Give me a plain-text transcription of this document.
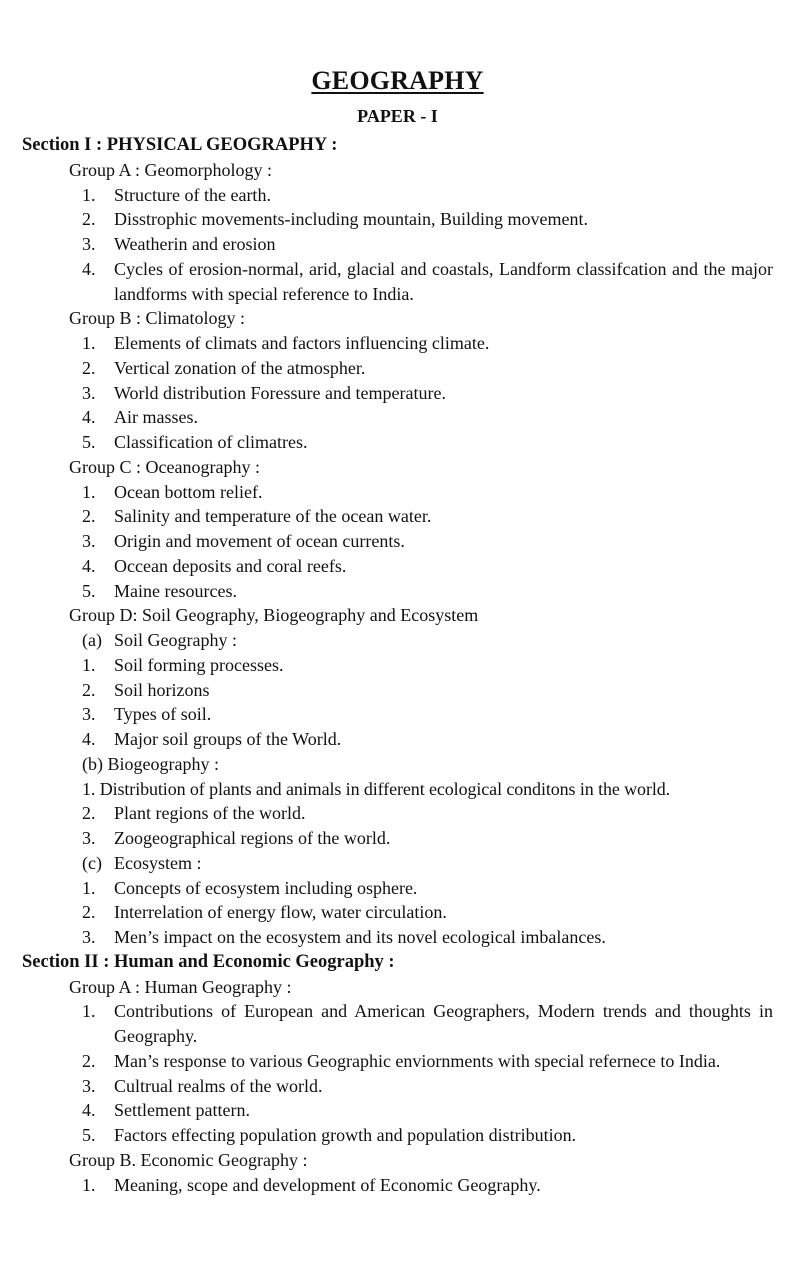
GEOGRAPHY
PAPER - I
Section I : PHYSICAL GEOGRAPHY :
Group A : Geomorphology :
1. Structure of the earth.
2. Disstrophic movements-including mountain, Building movement.
3. Weatherin and erosion
4. Cycles of erosion-normal, arid, glacial and coastals, Landform classifcation and the major landforms with special reference to India.
Group B : Climatology :
1. Elements of climats and factors influencing climate.
2. Vertical zonation of the atmospher.
3. World distribution Foressure and temperature.
4. Air masses.
5. Classification of climatres.
Group C : Oceanography :
1. Ocean bottom relief.
2. Salinity and temperature of the ocean water.
3. Origin and movement of ocean currents.
4. Occean deposits and coral reefs.
5. Maine resources.
Group D: Soil Geography, Biogeography and Ecosystem
(a) Soil Geography :
1. Soil forming processes.
2. Soil horizons
3. Types of soil.
4. Major soil groups of the World.
(b) Biogeography :
1. Distribution of plants and animals in different ecological conditons in the world.
2. Plant regions of the world.
3. Zoogeographical regions of the world.
(c) Ecosystem :
1. Concepts of ecosystem including osphere.
2. Interrelation of energy flow, water circulation.
3. Men’s impact on the ecosystem and its novel ecological imbalances.
Section II : Human and Economic Geography :
Group A : Human Geography :
1. Contributions of European and American Geographers, Modern trends and thoughts in Geography.
2. Man’s response to various Geographic enviornments with special refernece to India.
3. Cultrual realms of the world.
4. Settlement pattern.
5. Factors effecting population growth and population distribution.
Group B. Economic Geography :
1. Meaning, scope and development of Economic Geography.
